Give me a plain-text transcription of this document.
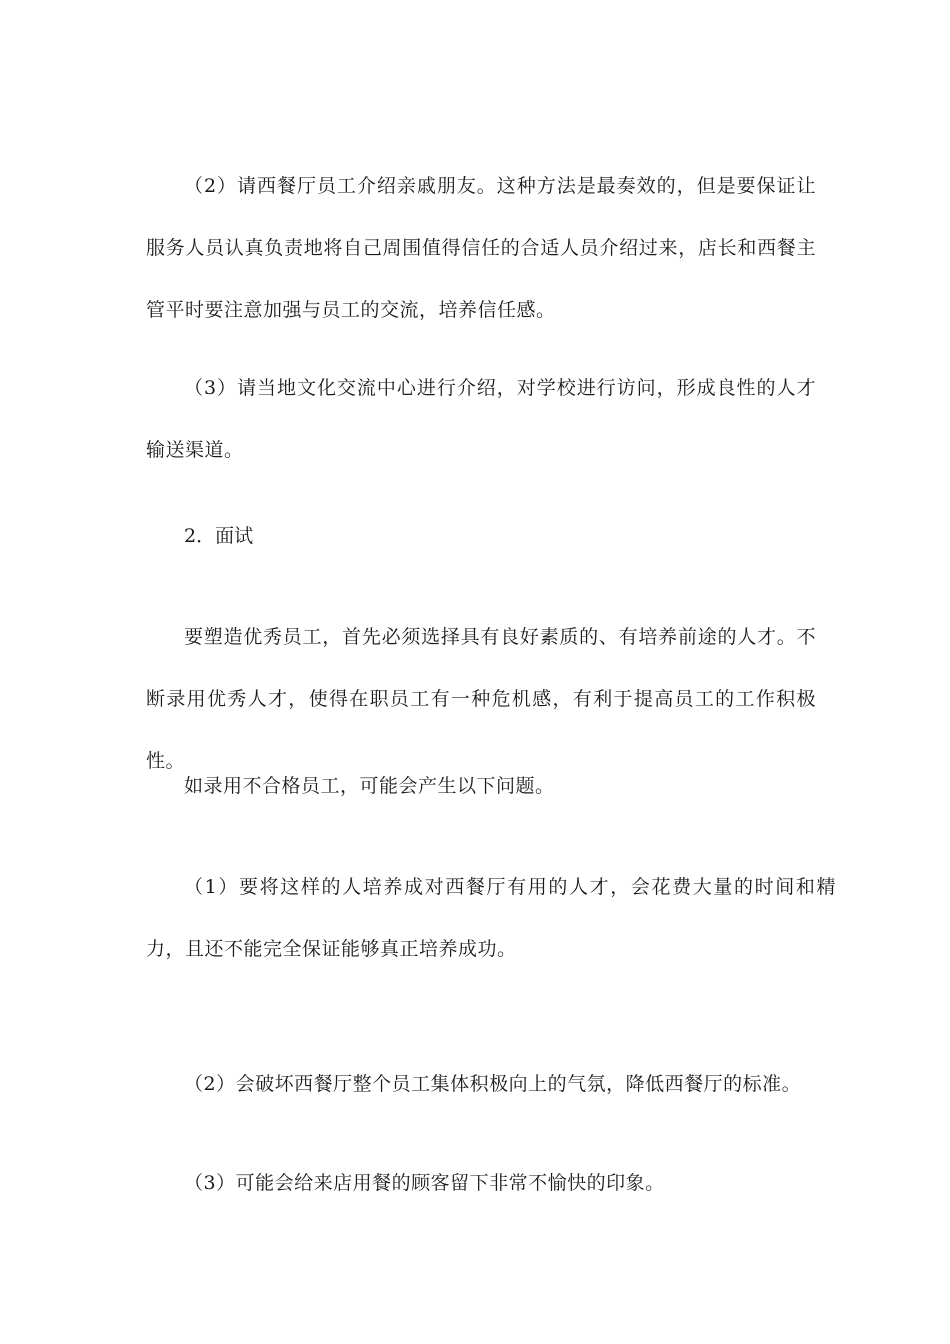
（2）请西餐厅员工介绍亲戚朋友。这种方法是最奏效的，但是要保证让服务人员认真负责地将自己周围值得信任的合适人员介绍过来，店长和西餐主管平时要注意加强与员工的交流，培养信任感。

（3）请当地文化交流中心进行介绍，对学校进行访问，形成良性的人才输送渠道。

2．面试

要塑造优秀员工，首先必须选择具有良好素质的、有培养前途的人才。不断录用优秀人才，使得在职员工有一种危机感，有利于提高员工的工作积极性。

如录用不合格员工，可能会产生以下问题。

（1）要将这样的人培养成对西餐厅有用的人才，会花费大量的时间和精力，且还不能完全保证能够真正培养成功。

（2）会破坏西餐厅整个员工集体积极向上的气氛，降低西餐厅的标准。

（3）可能会给来店用餐的顾客留下非常不愉快的印象。
